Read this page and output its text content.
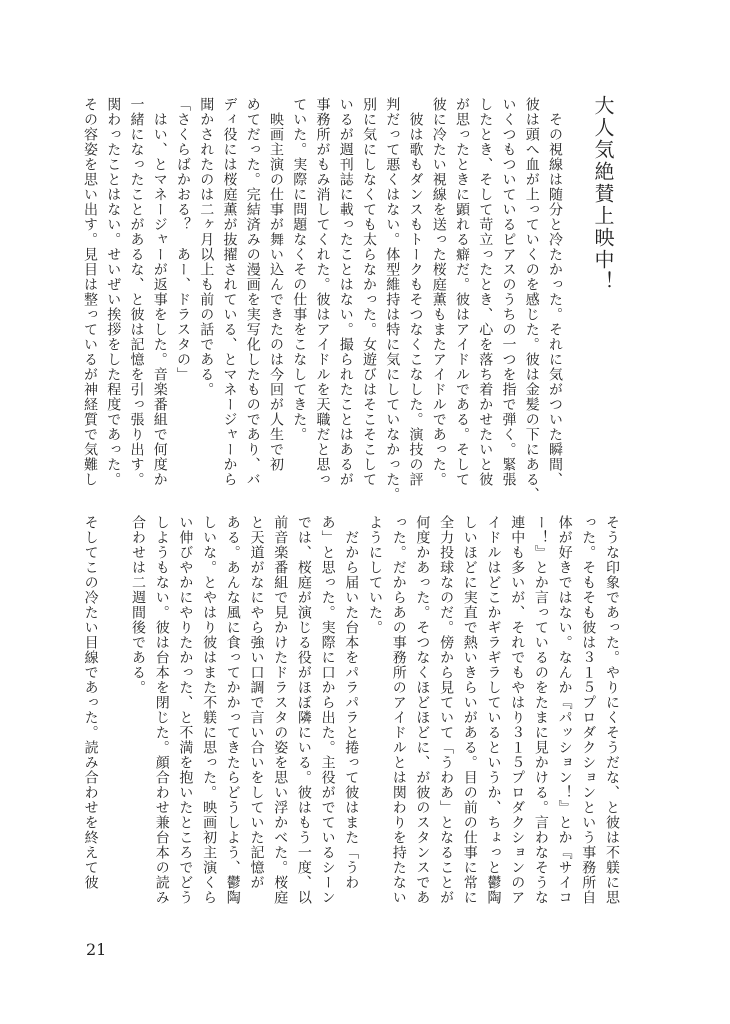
大人気絶賛上映中！
　その視線は随分と冷たかった。それに気がついた瞬間、
彼は頭へ血が上っていくのを感じた。彼は金髪の下にある、
いくつもついているピアスのうちの一つを指で弾く。緊張
したとき、そして苛立ったとき、心を落ち着かせたいと彼
が思ったときに顕れる癖だ。彼はアイドルである。そして
彼に冷たい視線を送った桜庭薫もまたアイドルであった。
　彼は歌もダンスもトークもそつなくこなした。演技の評
判だって悪くはない。体型維持は特に気にしていなかった。
別に気にしなくても太らなかった。女遊びはそこそこして
いるが週刊誌に載ったことはない。撮られたことはあるが
事務所がもみ消してくれた。彼はアイドルを天職だと思っ
ていた。実際に問題なくその仕事をこなしてきた。
　映画主演の仕事が舞い込んできたのは今回が人生で初
めてだった。完結済みの漫画を実写化したものであり、バ
ディ役には桜庭薫が抜擢されている、とマネージャーから
聞かされたのは二ヶ月以上も前の話である。
「さくらばかおる？　あー、ドラスタの」
　はい、とマネージャーが返事をした。音楽番組で何度か
一緒になったことがあるな、と彼は記憶を引っ張り出す。
関わったことはない。せいぜい挨拶をした程度であった。
その容姿を思い出す。見目は整っているが神経質で気難し
そうな印象であった。やりにくそうだな、と彼は不躾に思
った。そもそも彼は３１５プロダクションという事務所自
体が好きではない。なんか『パッション！』とか『サイコ
ー！』とか言っているのをたまに見かける。言わなそうな
連中も多いが、それでもやはり３１５プロダクションのア
イドルはどこかギラギラしているというか、ちょっと鬱陶
しいほどに実直で熱いきらいがある。目の前の仕事に常に
全力投球なのだ。傍から見ていて「うわあ」となることが
何度かあった。そつなくほどほどに、が彼のスタンスであ
った。だからあの事務所のアイドルとは関わりを持たない
ようにしていた。
　だから届いた台本をパラパラと捲って彼はまた「うわ
あ」と思った。実際に口から出た。主役がでているシーン
では、桜庭が演じる役がほぼ隣にいる。彼はもう一度、以
前音楽番組で見かけたドラスタの姿を思い浮かべた。桜庭
と天道がなにやら強い口調で言い合いをしていた記憶が
ある。あんな風に食ってかかってきたらどうしよう、鬱陶
しいな。とやはり彼はまた不躾に思った。映画初主演くら
い伸びやかにやりたかった、と不満を抱いたところでどう
しようもない。彼は台本を閉じた。顔合わせ兼台本の読み
合わせは二週間後である。
そしてこの冷たい目線であった。読み合わせを終えて彼
21
